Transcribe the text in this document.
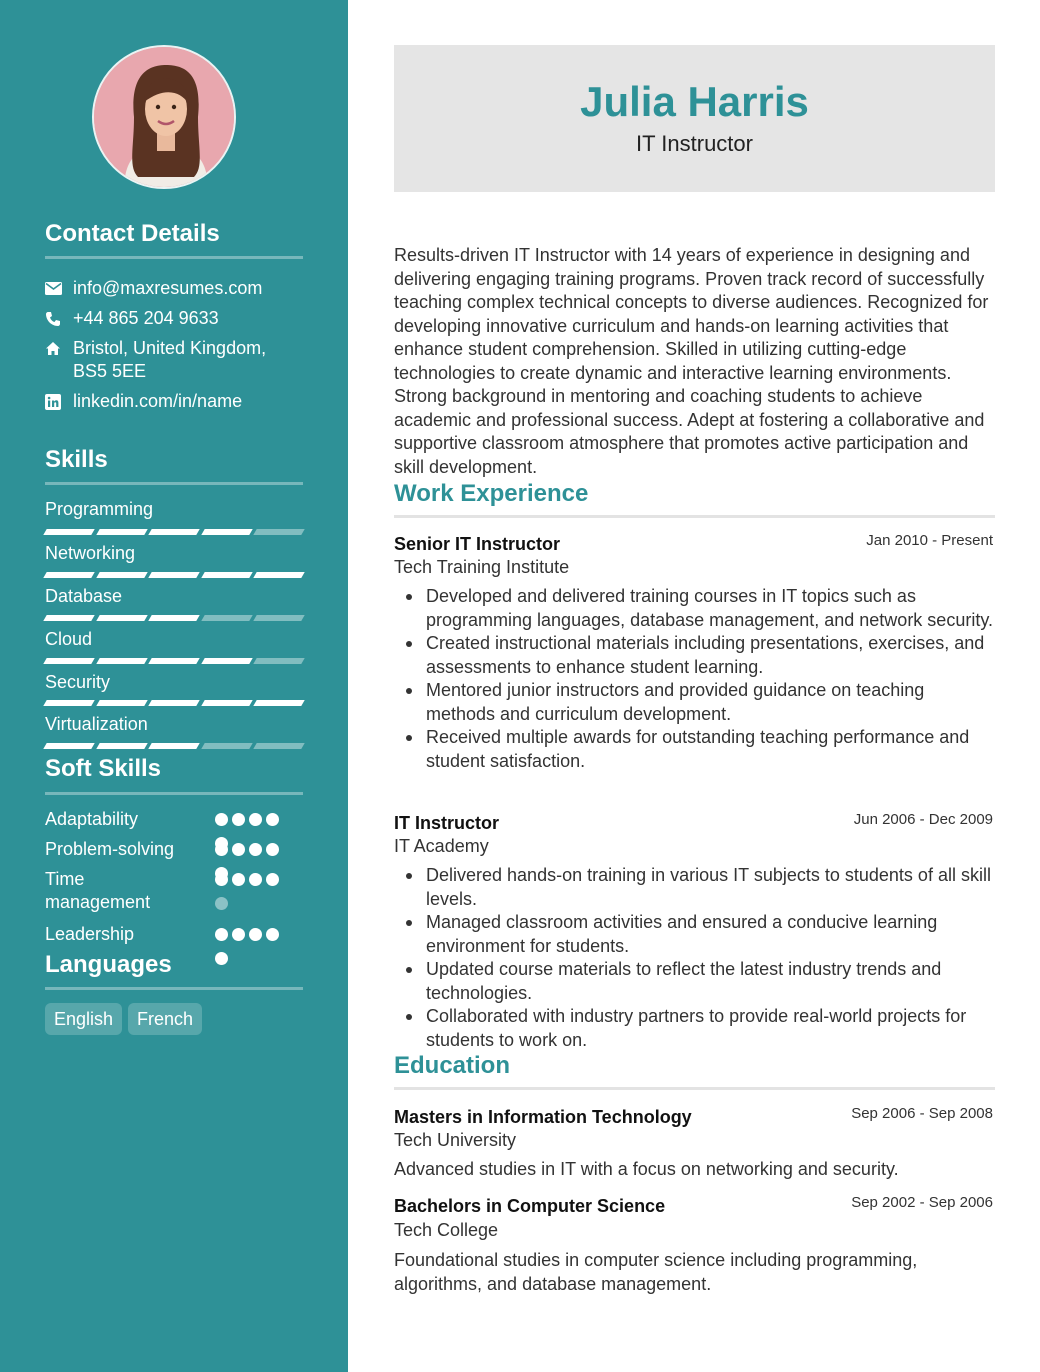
Contact Details
info@maxresumes.com
+44 865 204 9633
Bristol, United Kingdom, BS5 5EE
linkedin.com/in/name
Skills
Programming
Networking
Database
Cloud
Security
Virtualization
Soft Skills
Adaptability
Problem-solving
Time management
Leadership
Languages
English	French
Julia Harris
IT Instructor
Results-driven IT Instructor with 14 years of experience in designing and delivering engaging training programs. Proven track record of successfully teaching complex technical concepts to diverse audiences. Recognized for developing innovative curriculum and hands-on learning activities that enhance student comprehension. Skilled in utilizing cutting-edge technologies to create dynamic and interactive learning environments. Strong background in mentoring and coaching students to achieve academic and professional success. Adept at fostering a collaborative and supportive classroom atmosphere that promotes active participation and skill development.
Work Experience
Senior IT Instructor	Jan 2010 - Present
Tech Training Institute
Developed and delivered training courses in IT topics such as programming languages, database management, and network security.
Created instructional materials including presentations, exercises, and assessments to enhance student learning.
Mentored junior instructors and provided guidance on teaching methods and curriculum development.
Received multiple awards for outstanding teaching performance and student satisfaction.
IT Instructor	Jun 2006 - Dec 2009
IT Academy
Delivered hands-on training in various IT subjects to students of all skill levels.
Managed classroom activities and ensured a conducive learning environment for students.
Updated course materials to reflect the latest industry trends and technologies.
Collaborated with industry partners to provide real-world projects for students to work on.
Education
Masters in Information Technology	Sep 2006 - Sep 2008
Tech University
Advanced studies in IT with a focus on networking and security.
Bachelors in Computer Science	Sep 2002 - Sep 2006
Tech College
Foundational studies in computer science including programming, algorithms, and database management.
